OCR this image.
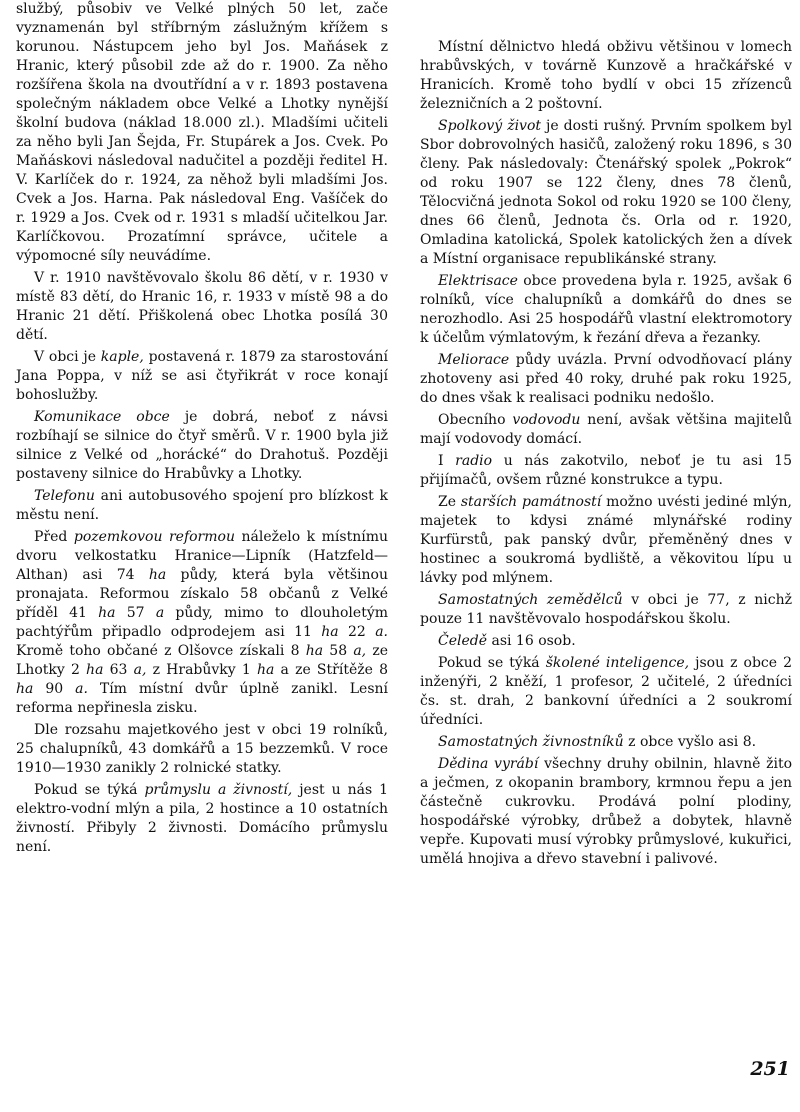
službý, působiv ve Velké plných 50 let, zače vyznamenán byl stříbrným záslužným křížem s korunou. Nástupcem jeho byl Jos. Maňásek z Hranic, který působil zde až do r. 1900. Za něho rozšířena škola na dvoutřídní a v r. 1893 postavena společným nákladem obce Velké a Lhotky nynější školní budova (náklad 18.000 zl.). Mladšími učiteli za něho byli Jan Šejda, Fr. Stupárek a Jos. Cvek. Po Maňáskovi následoval nadučitel a později ředitel H. V. Karlíček do r. 1924, za něhož byli mladšími Jos. Cvek a Jos. Harna. Pak následoval Eng. Vašíček do r. 1929 a Jos. Cvek od r. 1931 s mladší učitelkou Jar. Karlíčkovou. Prozatímní správce, učitele a výpomocné síly neuvádíme.

V r. 1910 navštěvovalo školu 86 dětí, v r. 1930 v místě 83 dětí, do Hranic 16, r. 1933 v místě 98 a do Hranic 21 dětí. Přiškolená obec Lhotka posílá 30 dětí.

V obci je kaple, postavená r. 1879 za starostování Jana Poppa, v níž se asi čtyřikrát v roce konají bohoslužby.

Komunikace obce je dobrá, neboť z návsi rozbíhají se silnice do čtyř směrů. V r. 1900 byla již silnice z Velké od „horácké“ do Drahotuš. Později postaveny silnice do Hrabůvky a Lhotky.

Telefonu ani autobusového spojení pro blízkost k městu není.

Před pozemkovou reformou náleželo k místnímu dvoru velkostatku Hranice—Lipník (Hatzfeld—Althan) asi 74 ha půdy, která byla většinou pronajata. Reformou získalo 58 občanů z Velké příděl 41 ha 57 a půdy, mimo to dlouholetým pachtýřům připadlo odprodejem asi 11 ha 22 a. Kromě toho občané z Olšovce získali 8 ha 58 a, ze Lhotky 2 ha 63 a, z Hrabůvky 1 ha a ze Střítěže 8 ha 90 a. Tím místní dvůr úplně zanikl. Lesní reforma nepřinesla zisku.

Dle rozsahu majetkového jest v obci 19 rolníků, 25 chalupníků, 43 domkářů a 15 bezzemků. V roce 1910—1930 zanikly 2 rolnické statky.

Pokud se týká průmyslu a živností, jest u nás 1 elektro-vodní mlýn a pila, 2 hostince a 10 ostatních živností. Přibyly 2 živnosti. Domácího průmyslu není.

Místní dělnictvo hledá obživu většinou v lomech hrabůvských, v továrně Kunzově a hračkářské v Hranicích. Kromě toho bydlí v obci 15 zřízenců železničních a 2 poštovní.

Spolkový život je dosti rušný. Prvním spolkem byl Sbor dobrovolných hasičů, založený roku 1896, s 30 členy. Pak následovaly: Čtenářský spolek „Pokrok“ od roku 1907 se 122 členy, dnes 78 členů, Tělocvičná jednota Sokol od roku 1920 se 100 členy, dnes 66 členů, Jednota čs. Orla od r. 1920, Omladina katolická, Spolek katolických žen a dívek a Místní organisace republikánské strany.

Elektrisace obce provedena byla r. 1925, avšak 6 rolníků, více chalupníků a domkářů do dnes se nerozhodlo. Asi 25 hospodářů vlastní elektromotory k účelům výmlatovým, k řezání dřeva a řezanky.

Meliorace půdy uvázla. První odvodňovací plány zhotoveny asi před 40 roky, druhé pak roku 1925, do dnes však k realisaci podniku nedošlo.

Obecního vodovodu není, avšak většina majitelů mají vodovody domácí.

I radio u nás zakotvilo, neboť je tu asi 15 přijímačů, ovšem různé konstrukce a typu.

Ze starších památností možno uvésti jediné mlýn, majetek to kdysi známé mlynářské rodiny Kurfürstů, pak panský dvůr, přeměněný dnes v hostinec a soukromá bydliště, a věkovitou lípu u lávky pod mlýnem.

Samostatných zemědělců v obci je 77, z nichž pouze 11 navštěvovalo hospodářskou školu.

Čeledě asi 16 osob.

Pokud se týká školené inteligence, jsou z obce 2 inženýři, 2 kněží, 1 profesor, 2 učitelé, 2 úředníci čs. st. drah, 2 bankovní úředníci a 2 soukromí úředníci.

Samostatných živnostníků z obce vyšlo asi 8.

Dědina vyrábí všechny druhy obilnin, hlavně žito a ječmen, z okopanin brambory, krmnou řepu a jen částečně cukrovku. Prodává polní plodiny, hospodářské výrobky, drůbež a dobytek, hlavně vepře. Kupovati musí výrobky průmyslové, kukuřici, umělá hnojiva a dřevo stavební i palivové.

251
